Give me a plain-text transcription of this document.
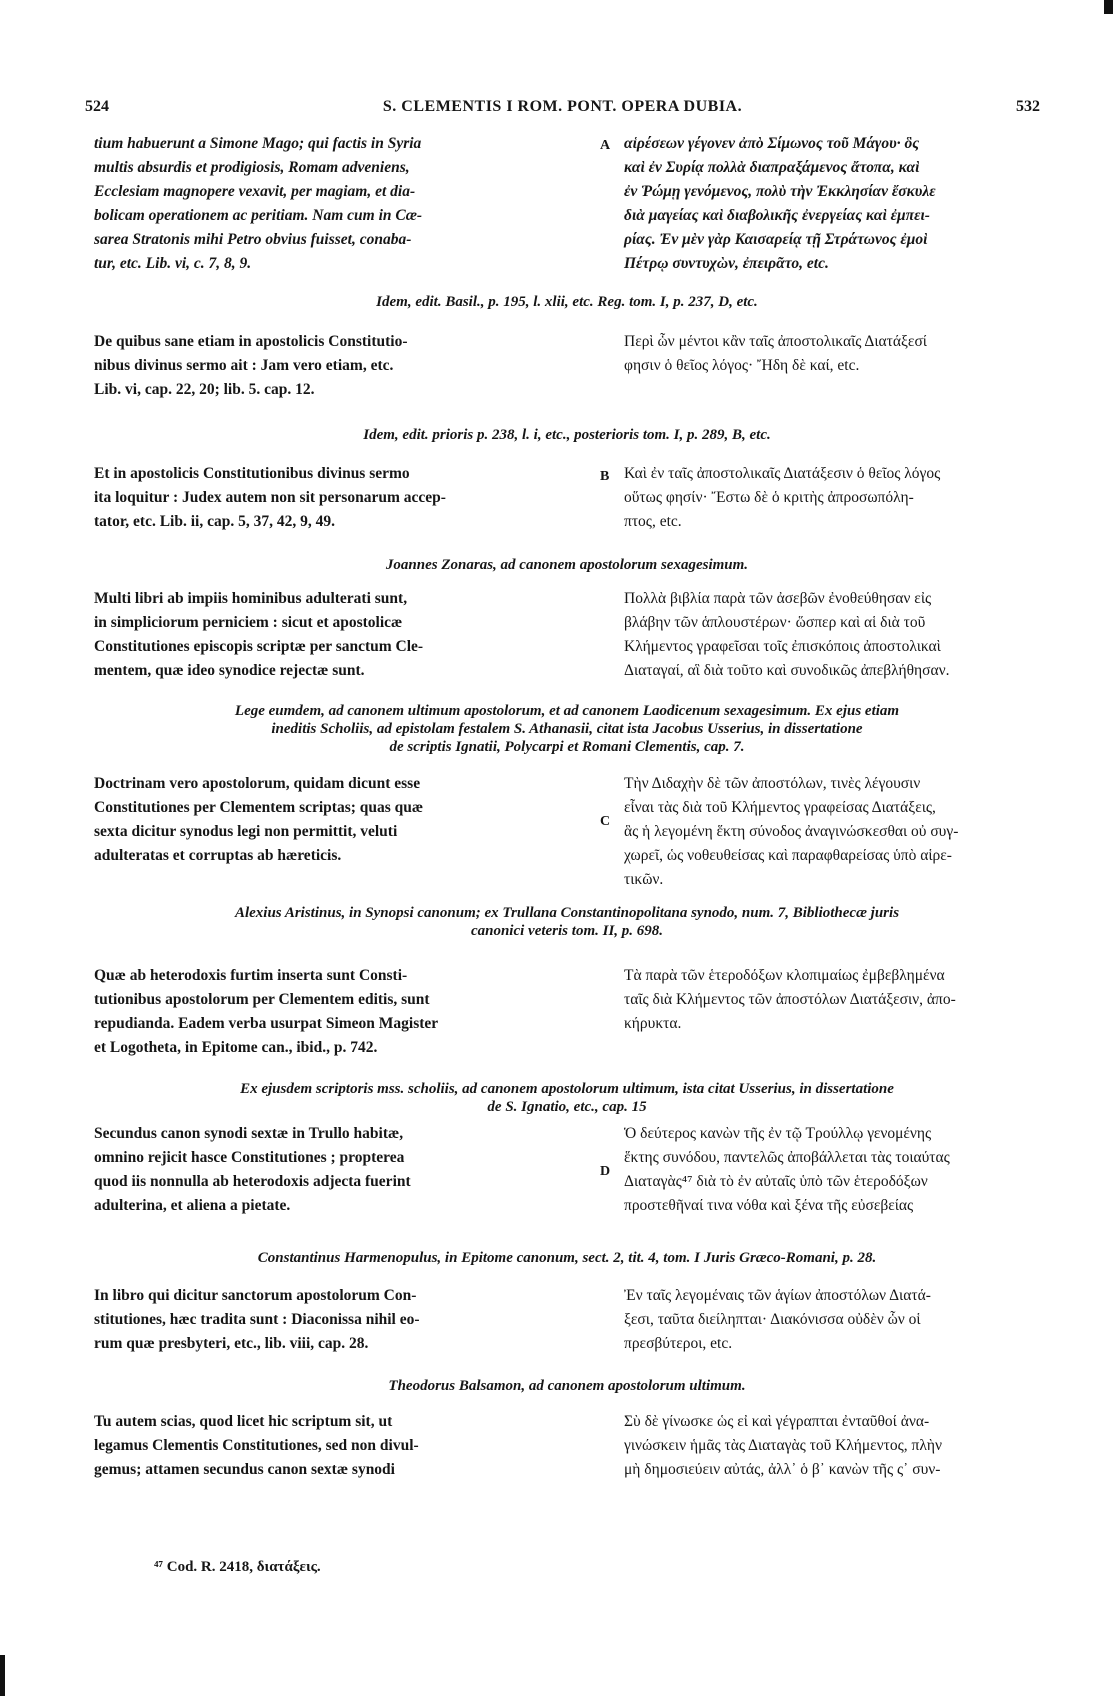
524	S. CLEMENTIS I ROM. PONT. OPERA DUBIA.	532
tium habuerunt a Simone Mago; qui factis in Syria
multis absurdis et prodigiosis, Romam adveniens,
Ecclesiam magnopere vexavit, per magiam, et dia-
bolicam operationem ac peritiam. Nam cum in Cæ-
sarea Stratonis mihi Petro obvius fuisset, conaba-
tur, etc. Lib. vi, c. 7, 8, 9.
A αἱρέσεων γέγονεν ἀπὸ Σίμωνος τοῦ Μάγου· ὃς
καὶ ἐν Συρίᾳ πολλὰ διαπραξάμενος ἄτοπα, καὶ
ἐν Ῥώμῃ γενόμενος, πολὺ τὴν Ἐκκλησίαν ἔσκυλε
διὰ μαγείας καὶ διαβολικῆς ἐνεργείας καὶ ἐμπει-
ρίας. Ἐν μὲν γὰρ Καισαρείᾳ τῇ Στράτωνος ἐμοὶ
Πέτρῳ συντυχὼν, ἐπειρᾶτο, etc.
Idem, edit. Basil., p. 195, l. xlii, etc. Reg. tom. I, p. 237, D, etc.
De quibus sane etiam in apostolicis Constitutio-
nibus divinus sermo ait : Jam vero etiam, etc.
Lib. vi, cap. 22, 20; lib. 5. cap. 12.
Περὶ ὧν μέντοι κἂν ταῖς ἀποστολικαῖς Διατάξεσί
φησιν ὁ θεῖος λόγος· Ἤδη δὲ καί, etc.
Idem, edit. prioris p. 238, l. i, etc., posterioris tom. I, p. 289, B, etc.
Et in apostolicis Constitutionibus divinus sermo
ita loquitur : Judex autem non sit personarum accep-
tator, etc. Lib. ii, cap. 5, 37, 42, 9, 49.
B Καὶ ἐν ταῖς ἀποστολικαῖς Διατάξεσιν ὁ θεῖος λόγος
οὕτως φησίν· Ἔστω δὲ ὁ κριτὴς ἀπροσωπόλη-
πτος, etc.
Joannes Zonaras, ad canonem apostolorum sexagesimum.
Multi libri ab impiis hominibus adulterati sunt,
in simpliciorum perniciem : sicut et apostolicæ
Constitutiones episcopis scriptæ per sanctum Cle-
mentem, quæ ideo synodice rejectæ sunt.
Πολλὰ βιβλία παρὰ τῶν ἀσεβῶν ἐνοθεύθησαν εἰς
βλάβην τῶν ἁπλουστέρων· ὥσπερ καὶ αἱ διὰ τοῦ
Κλήμεντος γραφεῖσαι τοῖς ἐπισκόποις ἀποστολικαὶ
Διαταγαί, αἳ διὰ τοῦτο καὶ συνοδικῶς ἀπεβλήθησαν.
Lege eumdem, ad canonem ultimum apostolorum, et ad canonem Laodicenum sexagesimum. Ex ejus etiam
ineditis Scholiis, ad epistolam festalem S. Athanasii, citat ista Jacobus Usserius, in dissertatione
de scriptis Ignatii, Polycarpi et Romani Clementis, cap. 7.
Doctrinam vero apostolorum, quidam dicunt esse
Constitutiones per Clementem scriptas; quas quæ
sexta dicitur synodus legi non permittit, veluti
adulteratas et corruptas ab hæreticis.
C
Τὴν Διδαχὴν δὲ τῶν ἀποστόλων, τινὲς λέγουσιν
εἶναι τὰς διὰ τοῦ Κλήμεντος γραφείσας Διατάξεις,
ἃς ἡ λεγομένη ἕκτη σύνοδος ἀναγινώσκεσθαι οὐ συγ-
χωρεῖ, ὡς νοθευθείσας καὶ παραφθαρείσας ὑπὸ αἱρε-
τικῶν.
Alexius Aristinus, in Synopsi canonum; ex Trullana Constantinopolitana synodo, num. 7, Bibliothecæ juris
canonici veteris tom. II, p. 698.
Quæ ab heterodoxis furtim inserta sunt Consti-
tutionibus apostolorum per Clementem editis, sunt
repudianda. Eadem verba usurpat Simeon Magister
et Logotheta, in Epitome can., ibid., p. 742.
Τὰ παρὰ τῶν ἑτεροδόξων κλοπιμαίως ἐμβεβλημένα
ταῖς διὰ Κλήμεντος τῶν ἀποστόλων Διατάξεσιν, ἀπο-
κήρυκτα.
Ex ejusdem scriptoris mss. scholiis, ad canonem apostolorum ultimum, ista citat Usserius, in dissertatione
de S. Ignatio, etc., cap. 15
Secundus canon synodi sextæ in Trullo habitæ,
omnino rejicit hasce Constitutiones ; propterea
quod iis nonnulla ab heterodoxis adjecta fuerint
adulterina, et aliena a pietate.
D
Ὁ δεύτερος κανὼν τῆς ἐν τῷ Τρούλλῳ γενομένης
ἕκτης συνόδου, παντελῶς ἀποβάλλεται τὰς τοιαύτας
Διαταγὰς⁴⁷ διὰ τὸ ἐν αὐταῖς ὑπὸ τῶν ἑτεροδόξων
προστεθῆναί τινα νόθα καὶ ξένα τῆς εὐσεβείας
Constantinus Harmenopulus, in Epitome canonum, sect. 2, tit. 4, tom. I Juris Græco-Romani, p. 28.
In libro qui dicitur sanctorum apostolorum Con-
stitutiones, hæc tradita sunt : Diaconissa nihil eo-
rum quæ presbyteri, etc., lib. viii, cap. 28.
Ἐν ταῖς λεγομέναις τῶν ἁγίων ἀποστόλων Διατά-
ξεσι, ταῦτα διείληπται· Διακόνισσα οὐδὲν ὧν οἱ
πρεσβύτεροι, etc.
Theodorus Balsamon, ad canonem apostolorum ultimum.
Tu autem scias, quod licet hic scriptum sit, ut
legamus Clementis Constitutiones, sed non divul-
gemus; attamen secundus canon sextæ synodi
Σὺ δὲ γίνωσκε ὡς εἰ καὶ γέγραπται ἐνταῦθοί ἀνα-
γινώσκειν ἡμᾶς τὰς Διαταγὰς τοῦ Κλήμεντος, πλὴν
μὴ δημοσιεύειν αὐτάς, ἀλλ᾽ ὁ β᾽ κανὼν τῆς ς᾽ συν-
⁴⁷ Cod. R. 2418, διατάξεις.
